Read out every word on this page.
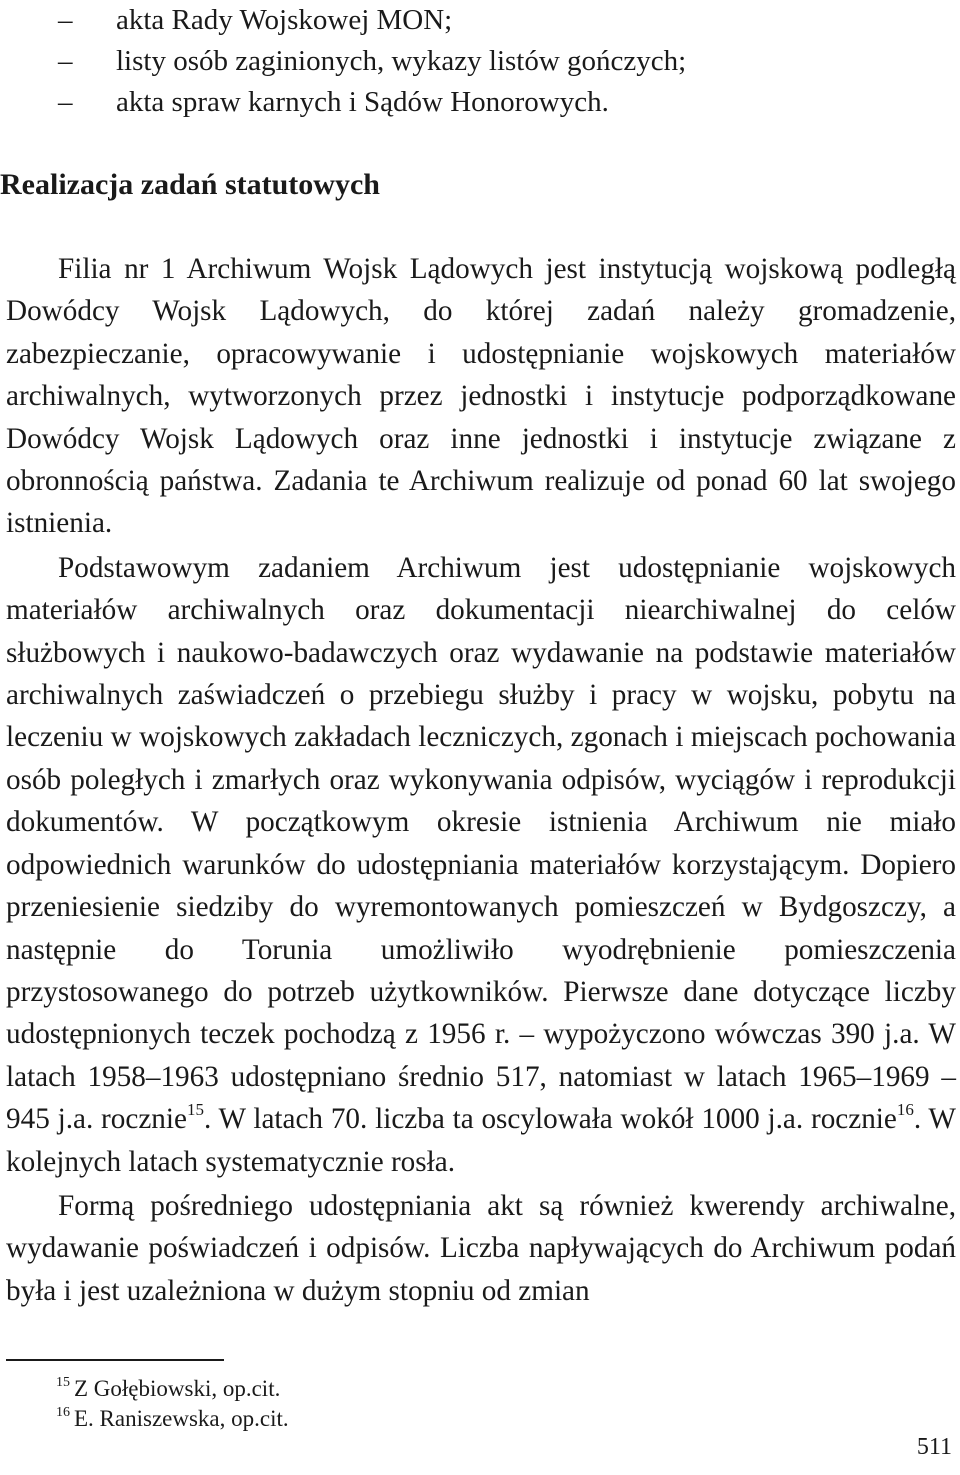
– akta Rady Wojskowej MON;
– listy osób zaginionych, wykazy listów gończych;
– akta spraw karnych i Sądów Honorowych.
Realizacja zadań statutowych

Filia nr 1 Archiwum Wojsk Lądowych jest instytucją wojskową podległą Dowódcy Wojsk Lądowych, do której zadań należy gromadzenie, zabezpieczanie, opracowywanie i udostępnianie wojskowych materiałów archiwalnych, wytworzonych przez jednostki i instytucje podporządkowane Dowódcy Wojsk Lądowych oraz inne jednostki i instytucje związane z obronnością państwa. Zadania te Archiwum realizuje od ponad 60 lat swojego istnienia.

Podstawowym zadaniem Archiwum jest udostępnianie wojskowych materiałów archiwalnych oraz dokumentacji niearchiwalnej do celów służbowych i naukowo-badawczych oraz wydawanie na podstawie materiałów archiwalnych zaświadczeń o przebiegu służby i pracy w wojsku, pobytu na leczeniu w wojskowych zakładach leczniczych, zgonach i miejscach pochowania osób poległych i zmarłych oraz wykonywania odpisów, wyciągów i reprodukcji dokumentów. W początkowym okresie istnienia Archiwum nie miało odpowiednich warunków do udostępniania materiałów korzystającym. Dopiero przeniesienie siedziby do wyremontowanych pomieszczeń w Bydgoszczy, a następnie do Torunia umożliwiło wyodrębnienie pomieszczenia przystosowanego do potrzeb użytkowników. Pierwsze dane dotyczące liczby udostępnionych teczek pochodzą z 1956 r. – wypożyczono wówczas 390 j.a. W latach 1958–1963 udostępniano średnio 517, natomiast w latach 1965–1969 – 945 j.a. rocznie$^{15}$. W latach 70. liczba ta oscylowała wokół 1000 j.a. rocznie$^{16}$. W kolejnych latach systematycznie rosła.

Formą pośredniego udostępniania akt są również kwerendy archiwalne, wydawanie poświadczeń i odpisów. Liczba napływających do Archiwum podań była i jest uzależniona w dużym stopniu od zmian

$^{15}$ Z Gołębiowski, op.cit.
$^{16}$ E. Raniszewska, op.cit.
511
